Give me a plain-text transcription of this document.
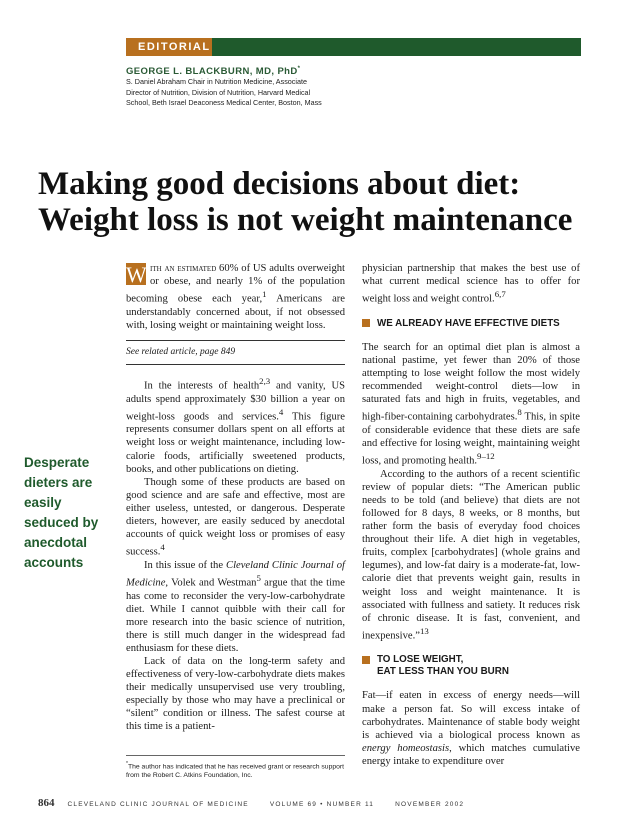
EDITORIAL
GEORGE L. BLACKBURN, MD, PhD*
S. Daniel Abraham Chair in Nutrition Medicine, Associate
Director of Nutrition, Division of Nutrition, Harvard Medical
School, Beth Israel Deaconess Medical Center, Boston, Mass
Making good decisions about diet:
Weight loss is not weight maintenance
Desperate dieters are easily seduced by anecdotal accounts

W ith an estimated 60% of US adults overweight or obese, and nearly 1% of the population becoming obese each year,$^1$ Americans are understandably concerned about, if not obsessed with, losing weight or maintaining weight loss.

See related article, page 849

In the interests of health$^{2,3}$ and vanity, US adults spend approximately $30 billion a year on weight-loss goods and services.$^4$ This figure represents consumer dollars spent on all efforts at weight loss or weight maintenance, including low-calorie foods, artificially sweetened products, books, and other publications on dieting.

Though some of these products are based on good science and are safe and effective, most are either useless, untested, or dangerous. Desperate dieters, however, are easily seduced by anecdotal accounts of quick weight loss or promises of easy success.$^4$

In this issue of the Cleveland Clinic Journal of Medicine, Volek and Westman$^5$ argue that the time has come to reconsider the very-low-carbohydrate diet. While I cannot quibble with their call for more research into the basic science of nutrition, there is still much danger in the widespread fad enthusiasm for these diets.

Lack of data on the long-term safety and effectiveness of very-low-carbohydrate diets makes their medically unsupervised use very troubling, especially by those who may have a preclinical or “silent” condition or illness. The safest course at this time is a patient-

*The author has indicated that he has received grant or research support from the Robert C. Atkins Foundation, Inc.

physician partnership that makes the best use of what current medical science has to offer for weight loss and weight control.$^{6,7}$

WE ALREADY HAVE EFFECTIVE DIETS

The search for an optimal diet plan is almost a national pastime, yet fewer than 20% of those attempting to lose weight follow the most widely recommended weight-control diets—low in saturated fats and high in fruits, vegetables, and high-fiber-containing carbohydrates.$^8$ This, in spite of considerable evidence that these diets are safe and effective for losing weight, maintaining weight loss, and promoting health.$^{9-12}$

According to the authors of a recent scientific review of popular diets: “The American public needs to be told (and believe) that diets are not followed for 8 days, 8 weeks, or 8 months, but rather form the basis of everyday food choices throughout their life. A diet high in vegetables, fruits, complex [carbohydrates] (whole grains and legumes), and low-fat dairy is a moderate-fat, low-calorie diet that prevents weight gain, results in weight loss and weight maintenance. It is associated with fullness and satiety. It reduces risk of chronic disease. It is fast, convenient, and inexpensive.”$^{13}$

TO LOSE WEIGHT,
EAT LESS THAN YOU BURN

Fat—if eaten in excess of energy needs—will make a person fat. So will excess intake of carbohydrates. Maintenance of stable body weight is achieved via a biological process known as energy homeostasis, which matches cumulative energy intake to expenditure over

864 CLEVELAND CLINIC JOURNAL OF MEDICINE	VOLUME 69 • NUMBER 11	NOVEMBER 2002
